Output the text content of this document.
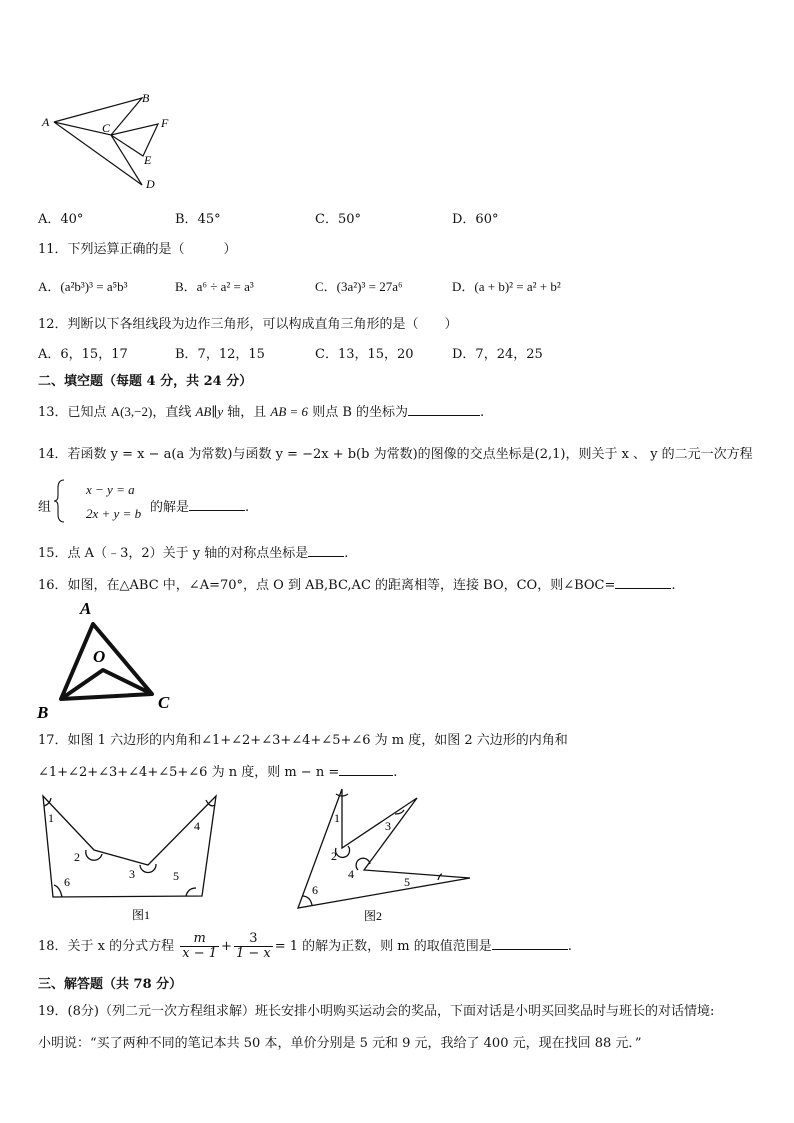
A
B
C
D
E
F
A．40°	B．45°	C．50°	D．60°
11．下列运算正确的是（　　　）
A．(a²b³)³ = a⁵b³	B．a⁶ ÷ a² = a³	C．(3a²)³ = 27a⁶	D．(a + b)² = a² + b²
12．判断以下各组线段为边作三角形，可以构成直角三角形的是（　　）
A．6，15，17	B．7，12，15	C．13，15，20	D．7，24，25
二、填空题（每题 4 分，共 24 分）
13．已知点 A(3,−2)，直线 AB∥y 轴，且 AB = 6 则点 B 的坐标为	.
14．若函数 y = x − a(a 为常数)与函数 y = −2x + b(b 为常数)的图像的交点坐标是(2,1)，则关于 x 、 y 的二元一次方程
组
x − y = a
2x + y = b 的解是	.
15．点 A（﹣3，2）关于 y 轴的对称点坐标是	.
16．如图，在△ABC 中，∠A=70°，点 O 到 AB,BC,AC 的距离相等，连接 BO，CO，则∠BOC=	.
A
O
B
C
17．如图 1 六边形的内角和∠1+∠2+∠3+∠4+∠5+∠6 为 m 度，如图 2 六边形的内角和
∠1+∠2+∠3+∠4+∠5+∠6 为 n 度，则 m − n =	.
1
2
3
4
5
6
图1
1
2
3
4
5
6
图2
18．关于 x 的分式方程 $\frac{m}{x - 1} + \frac{3}{1 - x} = 1$ 的解为正数，则 m 的取值范围是	.
三、解答题（共 78 分）
19．(8分)（列二元一次方程组求解）班长安排小明购买运动会的奖品，下面对话是小明买回奖品时与班长的对话情境:
小明说：“买了两种不同的笔记本共 50 本，单价分别是 5 元和 9 元，我给了 400 元，现在找回 88 元．”
